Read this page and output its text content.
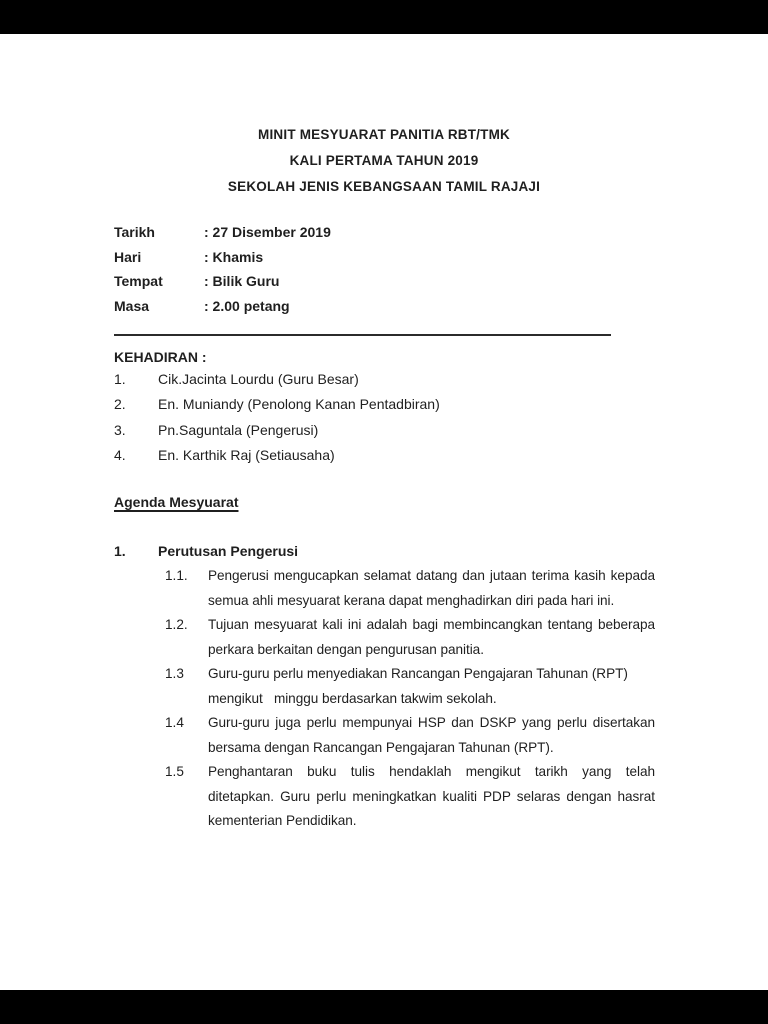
MINIT MESYUARAT PANITIA RBT/TMK
KALI PERTAMA TAHUN 2019
SEKOLAH JENIS KEBANGSAAN TAMIL RAJAJI
Tarikh	: 27 Disember 2019
Hari	: Khamis
Tempat	: Bilik Guru
Masa	: 2.00 petang
KEHADIRAN :
1. Cik.Jacinta Lourdu (Guru Besar)
2. En. Muniandy (Penolong Kanan Pentadbiran)
3. Pn.Saguntala (Pengerusi)
4. En. Karthik Raj (Setiausaha)
Agenda Mesyuarat
1. Perutusan Pengerusi
1.1.	Pengerusi mengucapkan selamat datang dan jutaan terima kasih kepada
semua ahli mesyuarat kerana dapat menghadirkan diri pada hari ini.
1.2.	Tujuan mesyuarat kali ini adalah bagi membincangkan tentang beberapa
perkara berkaitan dengan pengurusan panitia.
1.3	Guru-guru perlu menyediakan Rancangan Pengajaran Tahunan (RPT)
mengikut   minggu berdasarkan takwim sekolah.
1.4	Guru-guru juga perlu mempunyai HSP dan DSKP yang perlu disertakan
bersama dengan Rancangan Pengajaran Tahunan (RPT).
1.5	Penghantaran buku tulis hendaklah mengikut tarikh yang telah
ditetapkan. Guru perlu meningkatkan kualiti PDP selaras dengan hasrat
kementerian Pendidikan.
